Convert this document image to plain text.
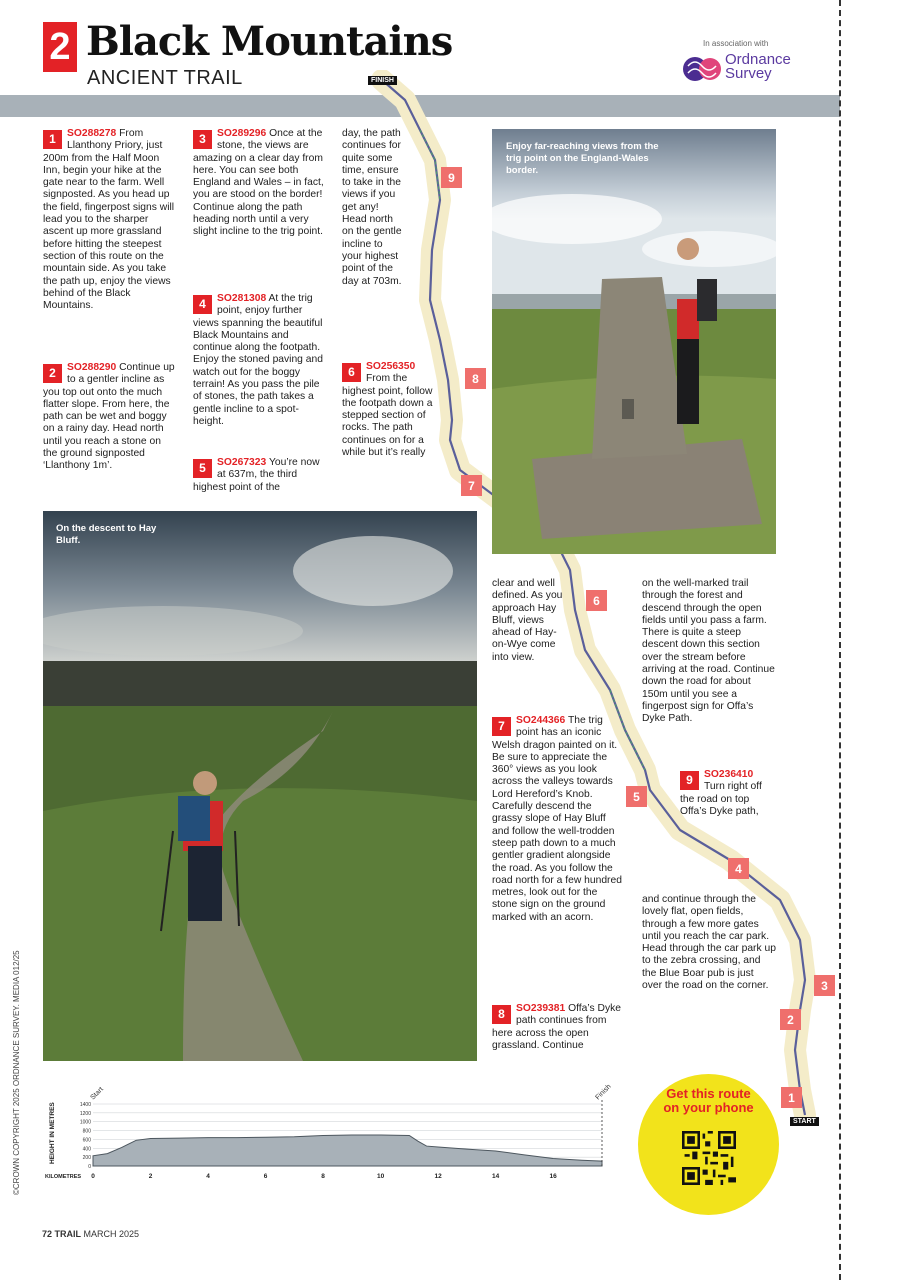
2 Black Mountains
ANCIENT TRAIL
In association with
Ordnance
Survey
1	SO288278 From Llanthony Priory, just 200m from the Half Moon Inn, begin your hike at the gate near to the farm. Well signposted. As you head up the field, fingerpost signs will lead you to the sharper ascent up more grassland before hitting the steepest section of this route on the mountain side. As you take the path up, enjoy the views behind of the Black Mountains.
2	SO288290 Continue up to a gentler incline as you top out onto the much flatter slope. From here, the path can be wet and boggy on a rainy day. Head north until you reach a stone on the ground signposted ‘Llanthony 1m’.
3	SO289296 Once at the stone, the views are amazing on a clear day from here. You can see both England and Wales – in fact, you are stood on the border! Continue along the path heading north until a very slight incline to the trig point.
4	SO281308 At the trig point, enjoy further views spanning the beautiful Black Mountains and continue along the footpath. Enjoy the stoned paving and watch out for the boggy terrain! As you pass the pile of stones, the path takes a gentle incline to a spot-height.
5	SO267323 You’re now at 637m, the third highest point of the
day, the path continues for quite some time, ensure to take in the views if you get any! Head north on the gentle incline to your highest point of the day at 703m.
6	SO256350 From the highest point, follow the footpath down a stepped section of rocks. The path continues on for a while but it’s really
FINISH
START
9
8
7
6
5
4
3
2
1
Enjoy far-reaching views from the trig point on the England-Wales border.
On the descent to Hay Bluff.
clear and well defined. As you approach Hay Bluff, views ahead of Hay-on-Wye come into view.
7	SO244366 The trig point has an iconic Welsh dragon painted on it. Be sure to appreciate the 360° views as you look across the valleys towards Lord Hereford’s Knob. Carefully descend the grassy slope of Hay Bluff and follow the well-trodden steep path down to a much gentler gradient alongside the road. As you follow the road north for a few hundred metres, look out for the stone sign on the ground marked with an acorn.
8	SO239381 Offa’s Dyke path continues from here across the open grassland. Continue
on the well-marked trail through the forest and descend through the open fields until you pass a farm. There is quite a steep descent down this section over the stream before arriving at the road. Continue down the road for about 150m until you see a fingerpost sign for Offa’s Dyke Path.
9	SO236410 Turn right off the road on top Offa’s Dyke path,
and continue through the lovely flat, open fields, through a few more gates until you reach the car park. Head through the car park up to the zebra crossing, and the Blue Boar pub is just over the road on the corner.
0
200
400
600
800
1000
1200
1400
0	2	4	6	8	10	12	14	16
Start	Finish
HEIGHT IN METRES
KILOMETRES
Get this route
on your phone
72 TRAIL MARCH 2025
©CROWN COPYRIGHT 2025 ORDNANCE SURVEY. MEDIA 012/25
